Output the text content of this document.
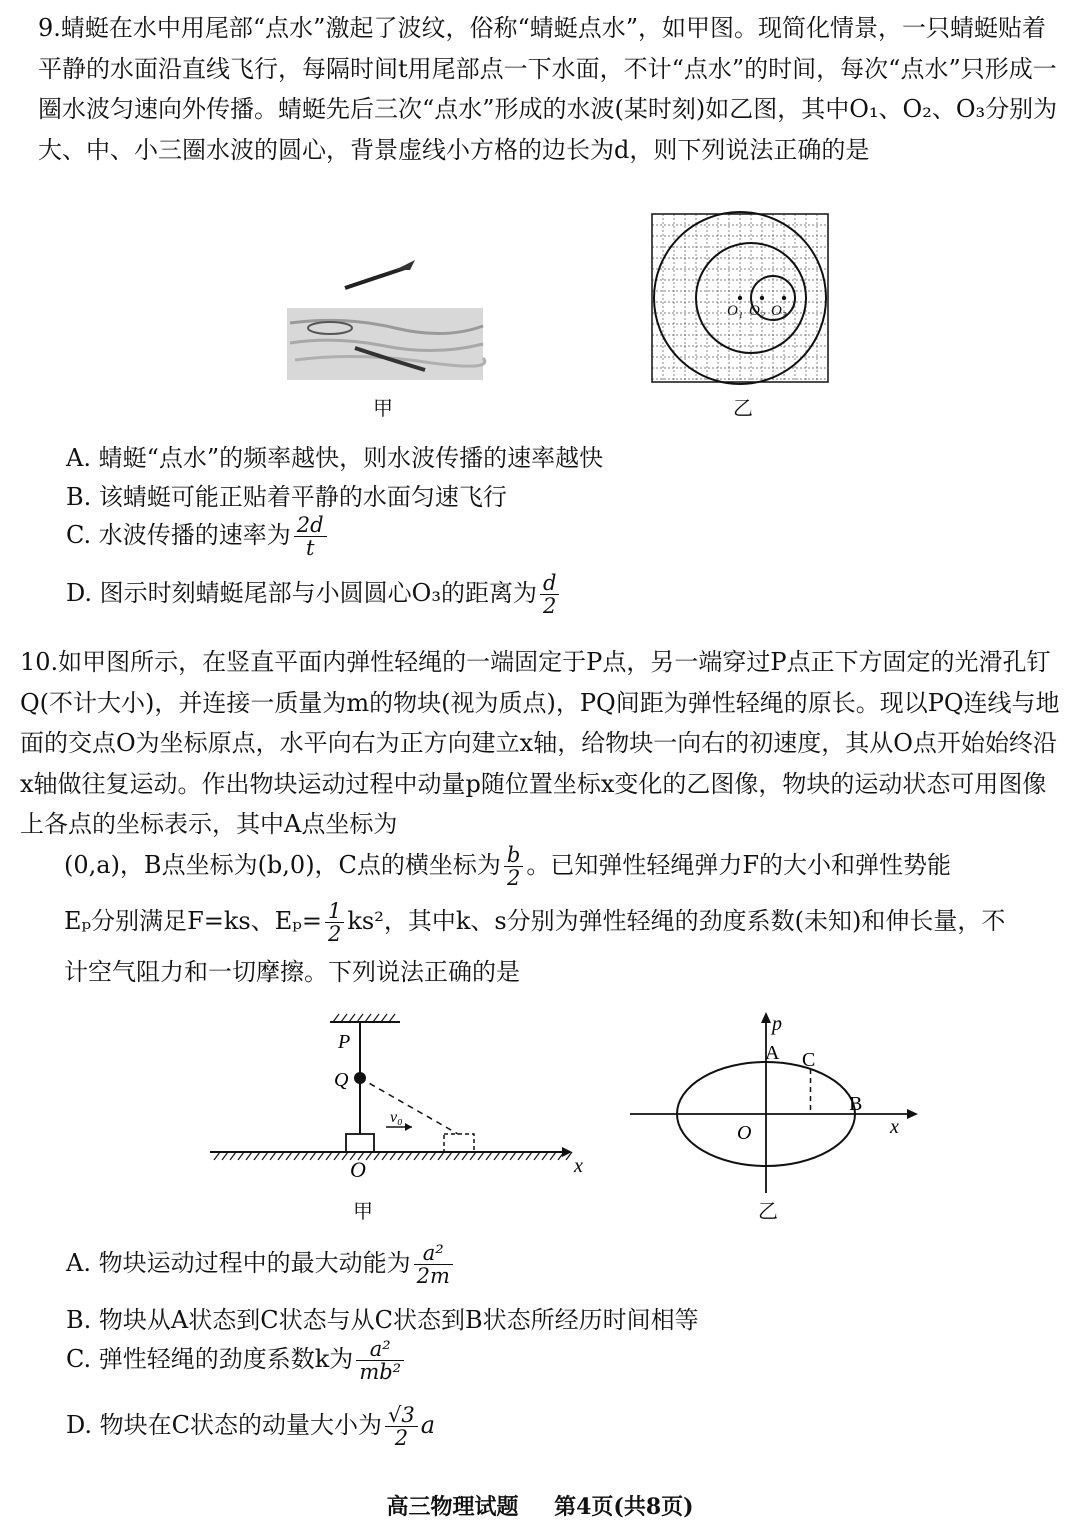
9.蜻蜓在水中用尾部“点水”激起了波纹，俗称“蜻蜓点水”，如甲图。现简化情景，一只蜻蜓贴着平静的水面沿直线飞行，每隔时间t用尾部点一下水面，不计“点水”的时间，每次“点水”只形成一圈水波匀速向外传播。蜻蜓先后三次“点水”形成的水波(某时刻)如乙图，其中O₁、O₂、O₃分别为大、中、小三圈水波的圆心，背景虚线小方格的边长为d，则下列说法正确的是

甲
O₁ O₂ O₃
乙
A. 蜻蜓“点水”的频率越快，则水波传播的速率越快
B. 该蜻蜓可能正贴着平静的水面匀速飞行
C. 水波传播的速率为 $\frac{2d}{t}$
D. 图示时刻蜻蜓尾部与小圆圆心O₃的距离为 $\frac{d}{2}$

10.如甲图所示，在竖直平面内弹性轻绳的一端固定于P点，另一端穿过P点正下方固定的光滑孔钉Q(不计大小)，并连接一质量为m的物块(视为质点)，PQ间距为弹性轻绳的原长。现以PQ连线与地面的交点O为坐标原点，水平向右为正方向建立x轴，给物块一向右的初速度，其从O点开始始终沿x轴做往复运动。作出物块运动过程中动量p随位置坐标x变化的乙图像，物块的运动状态可用图像上各点的坐标表示，其中A点坐标为

(0,a)，B点坐标为(b,0)，C点的横坐标为 $\frac{b}{2}$ 。已知弹性轻绳弹力F的大小和弹性势能
Eₚ分别满足F=ks、$E_p= \frac{1}{2} ks^2$，其中k、s分别为弹性轻绳的劲度系数(未知)和伸长量，不
计空气阻力和一切摩擦。下列说法正确的是
P
Q
O	x
v₀
甲
p
A C
B
O	x
乙
A. 物块运动过程中的最大动能为 $\frac{\text{a²}}{2m}$
B. 物块从A状态到C状态与从C状态到B状态所经历时间相等
C. 弹性轻绳的劲度系数k为 $\frac{\text{a²}}{\text{mb²}}$
D. 物块在C状态的动量大小为 $\frac{√3}{2}$ a
高三物理试题 第4页(共8页)
